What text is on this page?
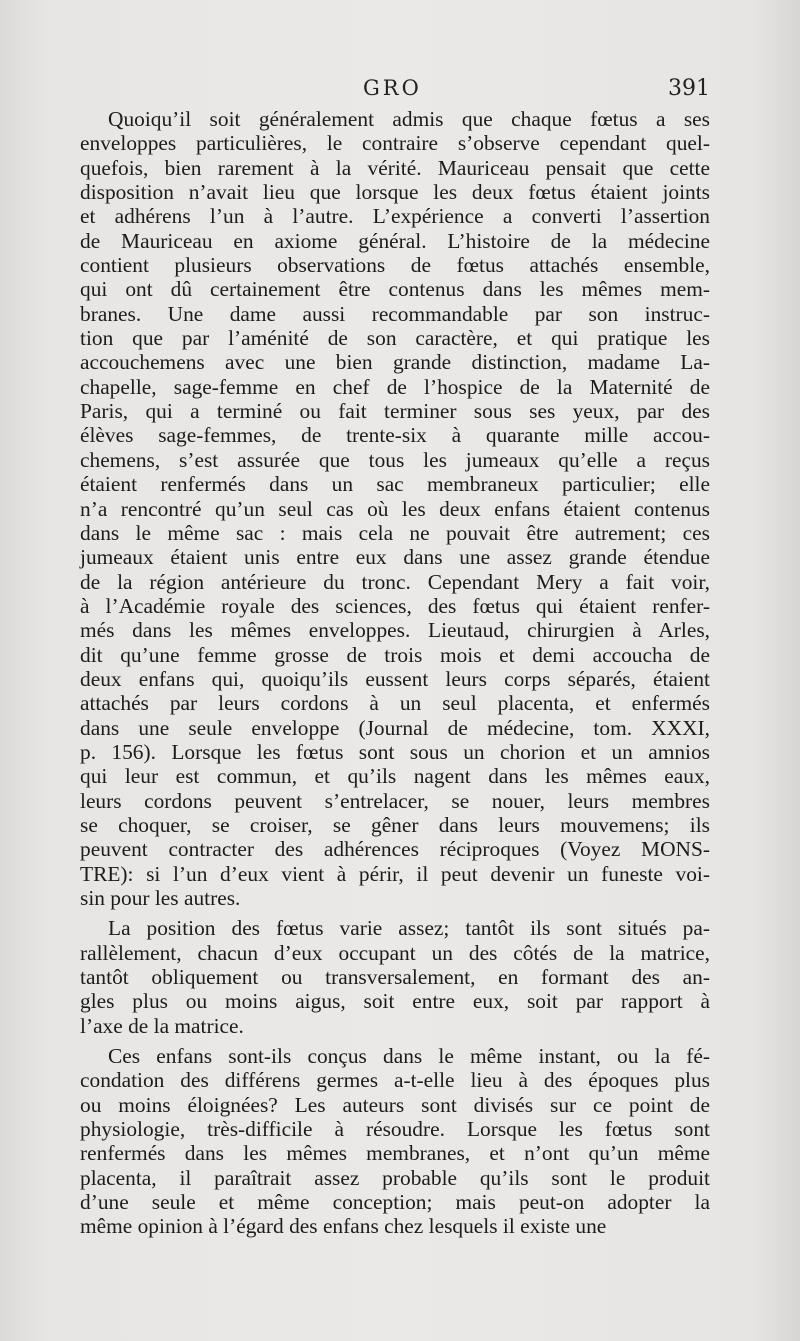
GRO	391
Quoiqu’il soit généralement admis que chaque fœtus a ses
enveloppes particulières, le contraire s’observe cependant quel-
quefois, bien rarement à la vérité. Mauriceau pensait que cette
disposition n’avait lieu que lorsque les deux fœtus étaient joints
et adhérens l’un à l’autre. L’expérience a converti l’assertion
de Mauriceau en axiome général. L’histoire de la médecine
contient plusieurs observations de fœtus attachés ensemble,
qui ont dû certainement être contenus dans les mêmes mem-
branes. Une dame aussi recommandable par son instruc-
tion que par l’aménité de son caractère, et qui pratique les
accouchemens avec une bien grande distinction, madame La-
chapelle, sage-femme en chef de l’hospice de la Maternité de
Paris, qui a terminé ou fait terminer sous ses yeux, par des
élèves sage-femmes, de trente-six à quarante mille accou-
chemens, s’est assurée que tous les jumeaux qu’elle a reçus
étaient renfermés dans un sac membraneux particulier; elle
n’a rencontré qu’un seul cas où les deux enfans étaient contenus
dans le même sac : mais cela ne pouvait être autrement; ces
jumeaux étaient unis entre eux dans une assez grande étendue
de la région antérieure du tronc. Cependant Mery a fait voir,
à l’Académie royale des sciences, des fœtus qui étaient renfer-
més dans les mêmes enveloppes. Lieutaud, chirurgien à Arles,
dit qu’une femme grosse de trois mois et demi accoucha de
deux enfans qui, quoiqu’ils eussent leurs corps séparés, étaient
attachés par leurs cordons à un seul placenta, et enfermés
dans une seule enveloppe (Journal de médecine, tom. XXXI,
p. 156). Lorsque les fœtus sont sous un chorion et un amnios
qui leur est commun, et qu’ils nagent dans les mêmes eaux,
leurs cordons peuvent s’entrelacer, se nouer, leurs membres
se choquer, se croiser, se gêner dans leurs mouvemens; ils
peuvent contracter des adhérences réciproques (Voyez MONS-
TRE): si l’un d’eux vient à périr, il peut devenir un funeste voi-
sin pour les autres.
La position des fœtus varie assez; tantôt ils sont situés pa-
rallèlement, chacun d’eux occupant un des côtés de la matrice,
tantôt obliquement ou transversalement, en formant des an-
gles plus ou moins aigus, soit entre eux, soit par rapport à
l’axe de la matrice.
Ces enfans sont-ils conçus dans le même instant, ou la fé-
condation des différens germes a-t-elle lieu à des époques plus
ou moins éloignées? Les auteurs sont divisés sur ce point de
physiologie, très-difficile à résoudre. Lorsque les fœtus sont
renfermés dans les mêmes membranes, et n’ont qu’un même
placenta, il paraîtrait assez probable qu’ils sont le produit
d’une seule et même conception; mais peut-on adopter la
même opinion à l’égard des enfans chez lesquels il existe une
